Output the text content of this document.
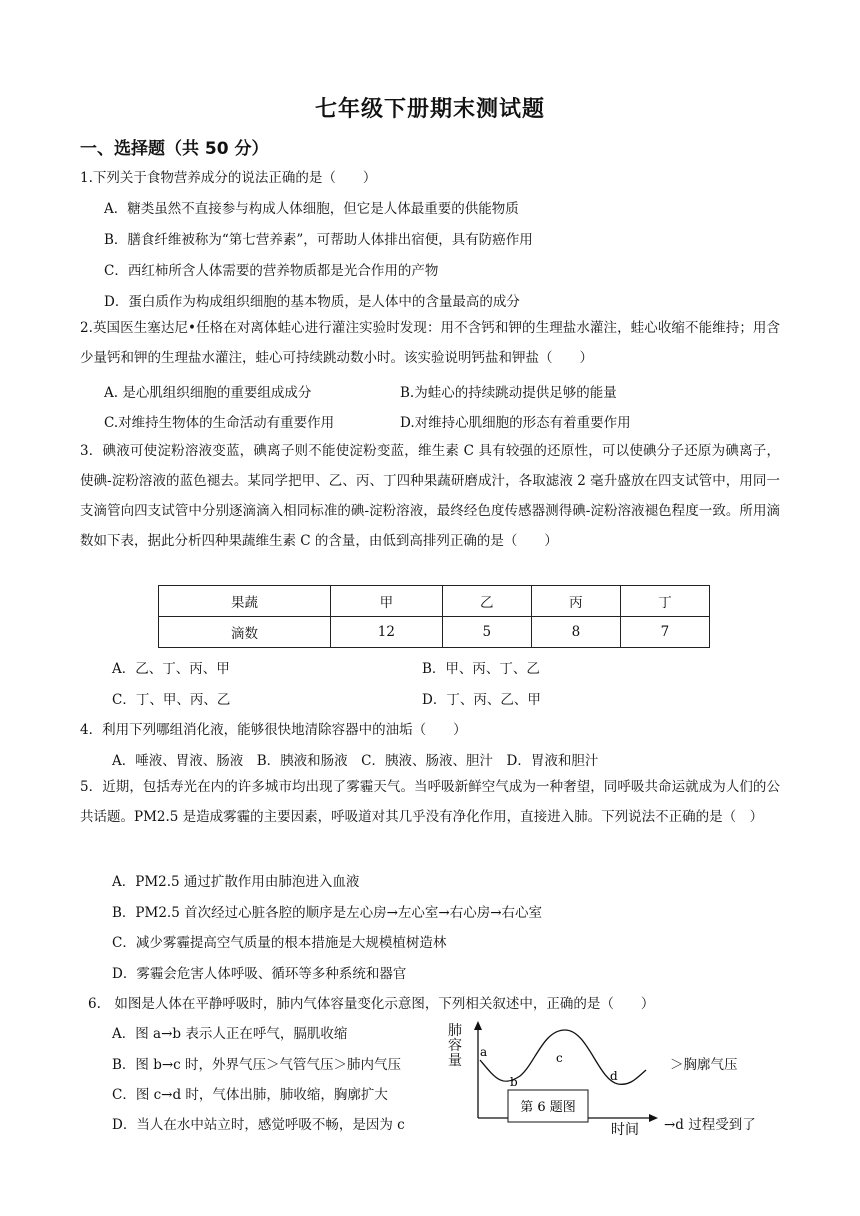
七年级下册期末测试题
一、选择题（共 50 分）
1.下列关于食物营养成分的说法正确的是（　　）
A．糖类虽然不直接参与构成人体细胞，但它是人体最重要的供能物质
B．膳食纤维被称为“第七营养素”，可帮助人体排出宿便，具有防癌作用
C．西红柿所含人体需要的营养物质都是光合作用的产物
D．蛋白质作为构成组织细胞的基本物质，是人体中的含量最高的成分
2.英国医生塞达尼•任格在对离体蛙心进行灌注实验时发现：用不含钙和钾的生理盐水灌注，蛙心收缩不能维持；用含少量钙和钾的生理盐水灌注，蛙心可持续跳动数小时。该实验说明钙盐和钾盐（　　）
A. 是心肌组织细胞的重要组成成分	B.为蛙心的持续跳动提供足够的能量
C.对维持生物体的生命活动有重要作用	D.对维持心肌细胞的形态有着重要作用
3．碘液可使淀粉溶液变蓝，碘离子则不能使淀粉变蓝，维生素 C 具有较强的还原性，可以使碘分子还原为碘离子，使碘-淀粉溶液的蓝色褪去。某同学把甲、乙、丙、丁四种果蔬研磨成汁，各取滤液 2 毫升盛放在四支试管中，用同一支滴管向四支试管中分别逐滴滴入相同标准的碘-淀粉溶液，最终经色度传感器测得碘-淀粉溶液褪色程度一致。所用滴数如下表，据此分析四种果蔬维生素 C 的含量，由低到高排列正确的是（　　）
果蔬	甲	乙	丙	丁
滴数	12	5	8	7
A．乙、丁、丙、甲	B．甲、丙、丁、乙
C．丁、甲、丙、乙	D．丁、丙、乙、甲
4．利用下列哪组消化液，能够很快地清除容器中的油垢（　　）
A．唾液、胃液、肠液　B．胰液和肠液　C．胰液、肠液、胆汁　D．胃液和胆汁
5．近期，包括寿光在内的许多城市均出现了雾霾天气。当呼吸新鲜空气成为一种奢望，同呼吸共命运就成为人们的公共话题。PM2.5 是造成雾霾的主要因素，呼吸道对其几乎没有净化作用，直接进入肺。下列说法不正确的是（　）
A．PM2.5 通过扩散作用由肺泡进入血液
B．PM2.5 首次经过心脏各腔的顺序是左心房→左心室→右心房→右心室
C．减少雾霾提高空气质量的根本措施是大规模植树造林
D．雾霾会危害人体呼吸、循环等多种系统和器官
6.　如图是人体在平静呼吸时，肺内气体容量变化示意图，下列相关叙述中，正确的是（　　）
A．图 a→b 表示人正在呼气，膈肌收缩
B．图 b→c 时，外界气压＞气管气压＞肺内气压	＞胸廓气压
C．图 c→d 时，气体出肺，肺收缩，胸廓扩大
D．当人在水中站立时，感觉呼吸不畅，是因为 c	→d 过程受到了
第 6 题图
a
b
c
d
时间
肺容量
